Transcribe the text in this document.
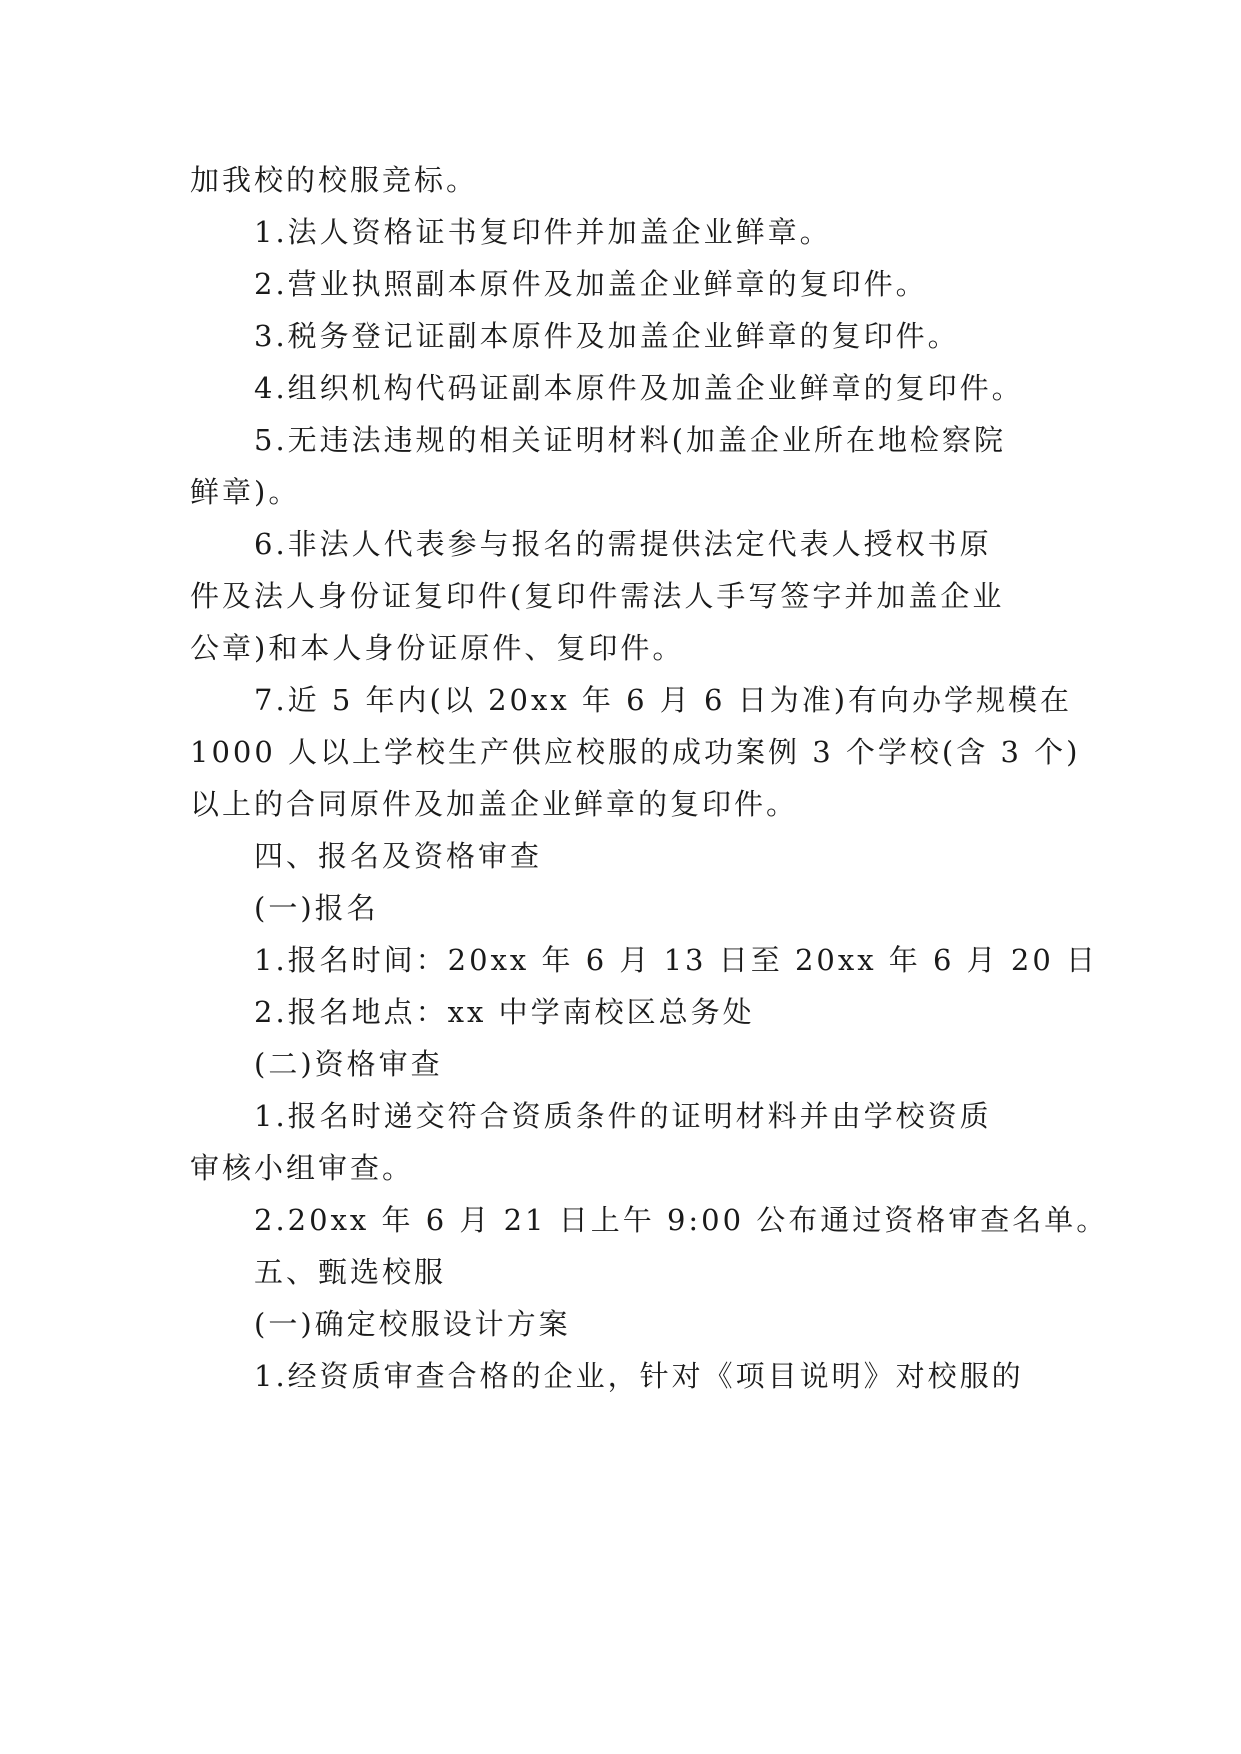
加我校的校服竞标。
1.法人资格证书复印件并加盖企业鲜章。
2.营业执照副本原件及加盖企业鲜章的复印件。
3.税务登记证副本原件及加盖企业鲜章的复印件。
4.组织机构代码证副本原件及加盖企业鲜章的复印件。
5.无违法违规的相关证明材料(加盖企业所在地检察院
鲜章)。
6.非法人代表参与报名的需提供法定代表人授权书原
件及法人身份证复印件(复印件需法人手写签字并加盖企业
公章)和本人身份证原件、复印件。
7.近 5 年内(以 20xx 年 6 月 6 日为准)有向办学规模在
1000 人以上学校生产供应校服的成功案例 3 个学校(含 3 个)
以上的合同原件及加盖企业鲜章的复印件。
四、报名及资格审查
(一)报名
1.报名时间：20xx 年 6 月 13 日至 20xx 年 6 月 20 日
2.报名地点：xx 中学南校区总务处
(二)资格审查
1.报名时递交符合资质条件的证明材料并由学校资质
审核小组审查。
2.20xx 年 6 月 21 日上午 9:00 公布通过资格审查名单。
五、甄选校服
(一)确定校服设计方案
1.经资质审查合格的企业，针对《项目说明》对校服的
